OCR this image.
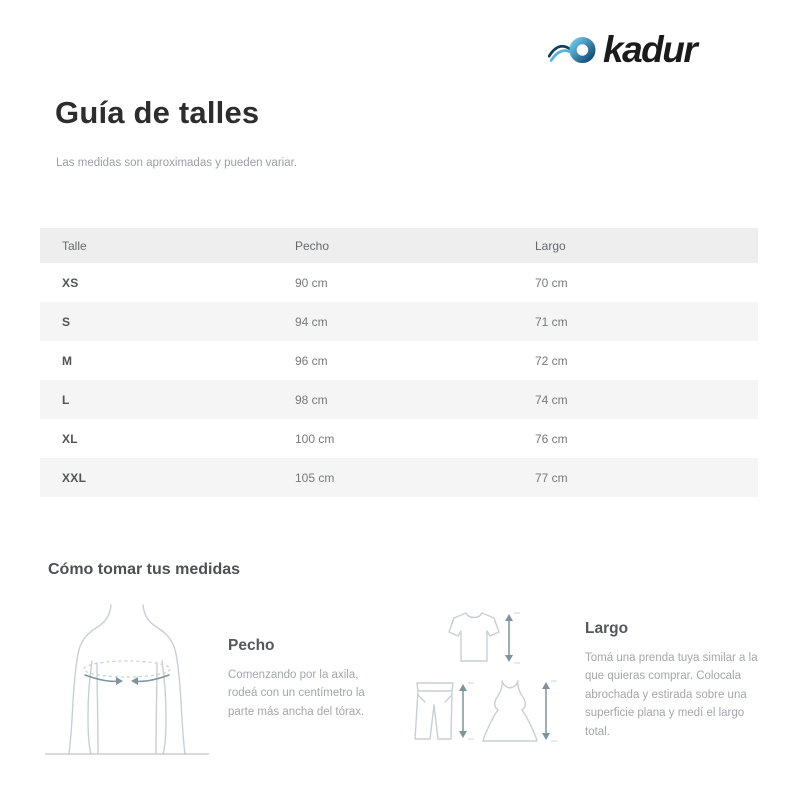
kadur
Guía de talles
Las medidas son aproximadas y pueden variar.
Talle	Pecho	Largo
XS	90 cm	70 cm
S	94 cm	71 cm
M	96 cm	72 cm
L	98 cm	74 cm
XL	100 cm	76 cm
XXL	105 cm	77 cm
Cómo tomar tus medidas
Pecho

Comenzando por la axila, rodeá con un centímetro la parte más ancha del tórax.

Largo

Tomá una prenda tuya similar a la que quieras comprar. Colocala abrochada y estirada sobre una superficie plana y medí el largo total.
